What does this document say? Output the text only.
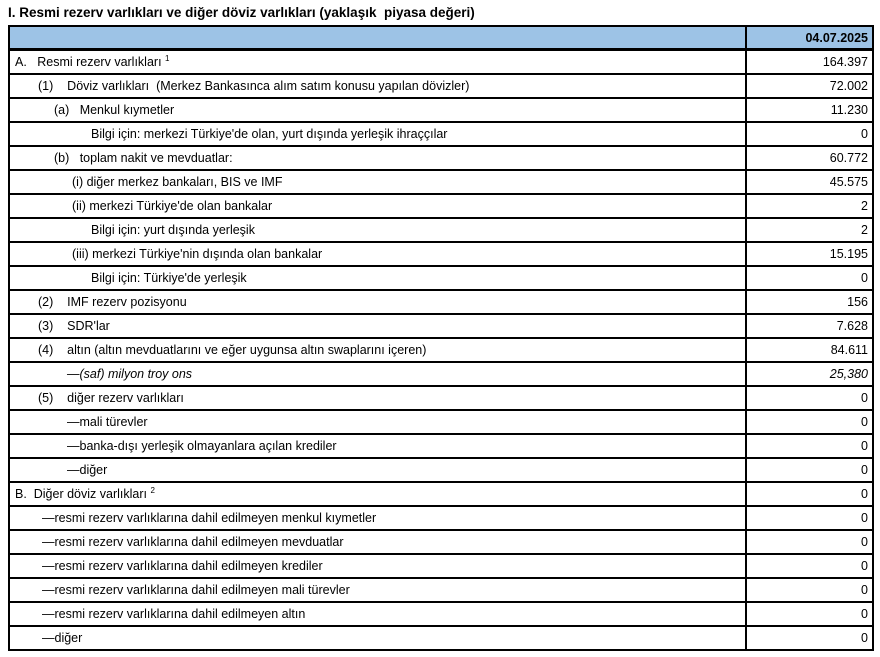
I. Resmi rezerv varlıkları ve diğer döviz varlıkları (yaklaşık  piyasa değeri)
	04.07.2025
A.   Resmi rezerv varlıkları $^1$	164.397
(1)    Döviz varlıkları  (Merkez Bankasınca alım satım konusu yapılan dövizler)	72.002
(a)   Menkul kıymetler	11.230
Bilgi için: merkezi Türkiye'de olan, yurt dışında yerleşik ihraççılar	0
(b)   toplam nakit ve mevduatlar:	60.772
(i) diğer merkez bankaları, BIS ve IMF	45.575
(ii) merkezi Türkiye'de olan bankalar	2
Bilgi için: yurt dışında yerleşik	2
(iii) merkezi Türkiye'nin dışında olan bankalar	15.195
Bilgi için: Türkiye'de yerleşik	0
(2)    IMF rezerv pozisyonu	156
(3)    SDR'lar	7.628
(4)    altın (altın mevduatlarını ve eğer uygunsa altın swaplarını içeren)	84.611
—(saf) milyon troy ons	25,380
(5)    diğer rezerv varlıkları	0
—mali türevler	0
—banka-dışı yerleşik olmayanlara açılan krediler	0
—diğer	0
B.  Diğer döviz varlıkları $^2$	0
—resmi rezerv varlıklarına dahil edilmeyen menkul kıymetler	0
—resmi rezerv varlıklarına dahil edilmeyen mevduatlar	0
—resmi rezerv varlıklarına dahil edilmeyen krediler	0
—resmi rezerv varlıklarına dahil edilmeyen mali türevler	0
—resmi rezerv varlıklarına dahil edilmeyen altın	0
—diğer	0
